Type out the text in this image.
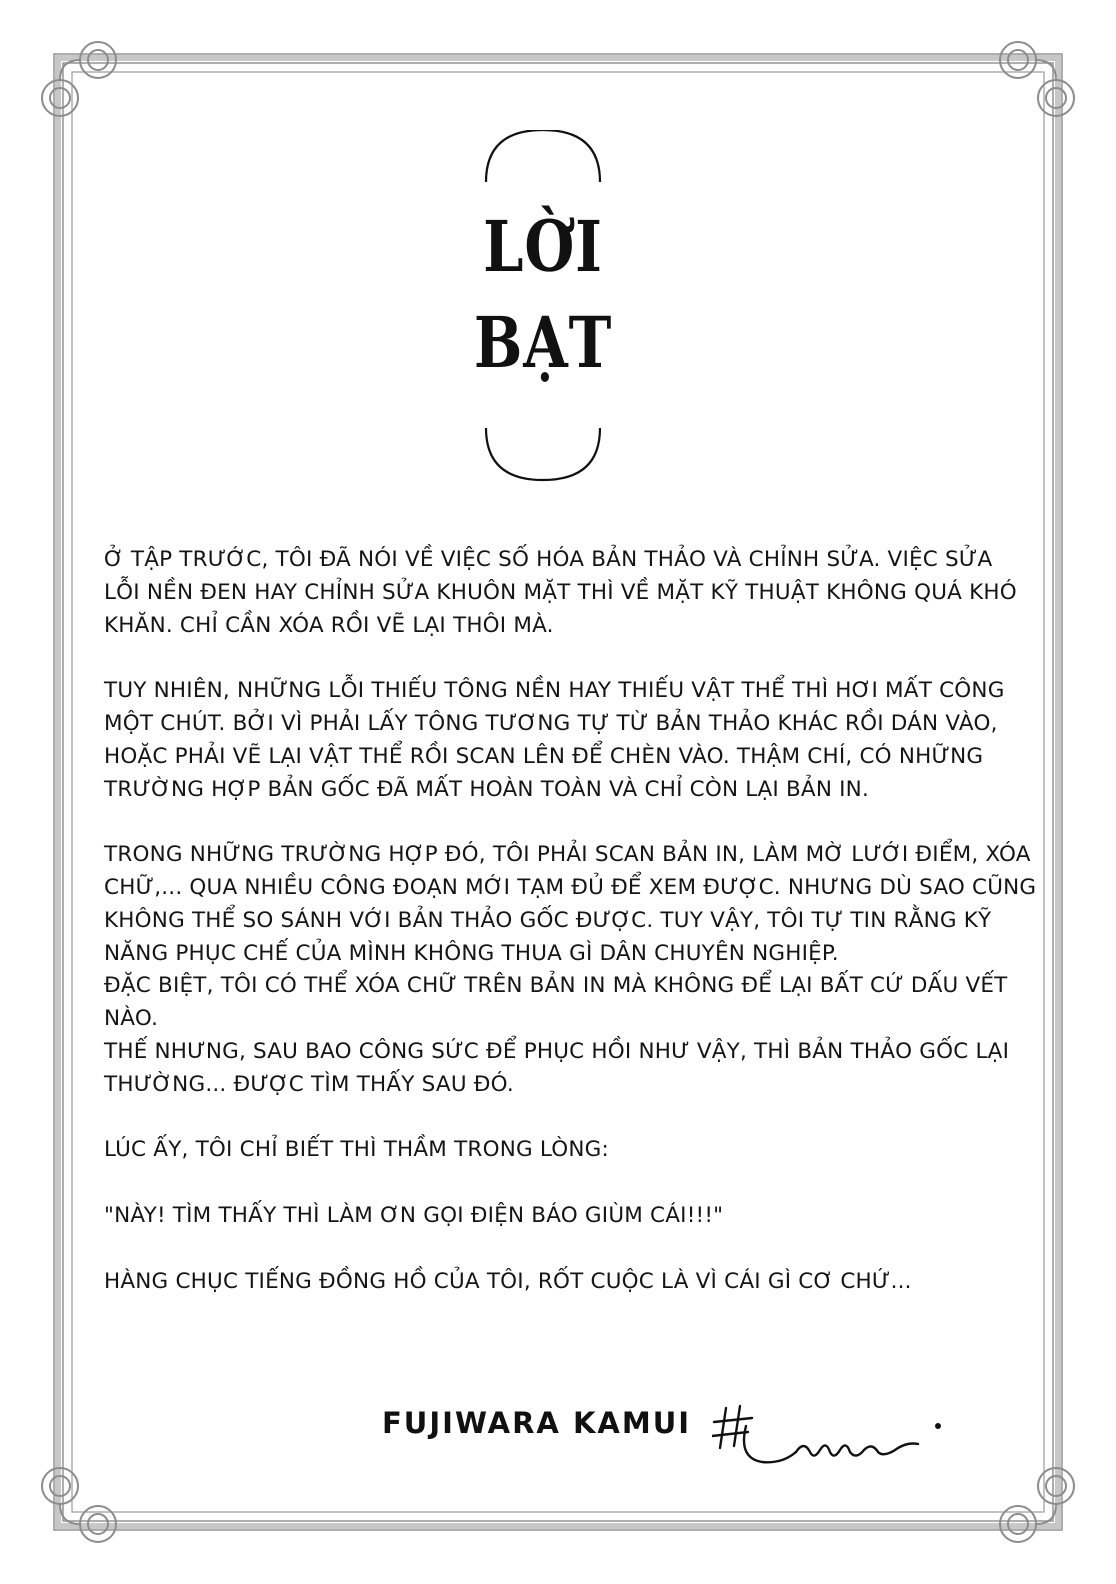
LỜI
BẠT

Ở TẬP TRƯỚC, TÔI ĐÃ NÓI VỀ VIỆC SỐ HÓA BẢN THẢO VÀ CHỈNH SỬA. VIỆC SỬA
LỖI NỀN ĐEN HAY CHỈNH SỬA KHUÔN MẶT THÌ VỀ MẶT KỸ THUẬT KHÔNG QUÁ KHÓ
KHĂN. CHỈ CẦN XÓA RỒI VẼ LẠI THÔI MÀ.

TUY NHIÊN, NHỮNG LỖI THIẾU TÔNG NỀN HAY THIẾU VẬT THỂ THÌ HƠI MẤT CÔNG
MỘT CHÚT. BỞI VÌ PHẢI LẤY TÔNG TƯƠNG TỰ TỪ BẢN THẢO KHÁC RỒI DÁN VÀO,
HOẶC PHẢI VẼ LẠI VẬT THỂ RỒI SCAN LÊN ĐỂ CHÈN VÀO. THẬM CHÍ, CÓ NHỮNG
TRƯỜNG HỢP BẢN GỐC ĐÃ MẤT HOÀN TOÀN VÀ CHỈ CÒN LẠI BẢN IN.

TRONG NHỮNG TRƯỜNG HỢP ĐÓ, TÔI PHẢI SCAN BẢN IN, LÀM MỜ LƯỚI ĐIỂM, XÓA
CHỮ,... QUA NHIỀU CÔNG ĐOẠN MỚI TẠM ĐỦ ĐỂ XEM ĐƯỢC. NHƯNG DÙ SAO CŨNG
KHÔNG THỂ SO SÁNH VỚI BẢN THẢO GỐC ĐƯỢC. TUY VẬY, TÔI TỰ TIN RẰNG KỸ
NĂNG PHỤC CHẾ CỦA MÌNH KHÔNG THUA GÌ DÂN CHUYÊN NGHIỆP.
ĐẶC BIỆT, TÔI CÓ THỂ XÓA CHỮ TRÊN BẢN IN MÀ KHÔNG ĐỂ LẠI BẤT CỨ DẤU VẾT
NÀO.
THẾ NHƯNG, SAU BAO CÔNG SỨC ĐỂ PHỤC HỒI NHƯ VẬY, THÌ BẢN THẢO GỐC LẠI
THƯỜNG... ĐƯỢC TÌM THẤY SAU ĐÓ.

LÚC ẤY, TÔI CHỈ BIẾT THÌ THẦM TRONG LÒNG:

"NÀY! TÌM THẤY THÌ LÀM ƠN GỌI ĐIỆN BÁO GIÙM CÁI!!!"

HÀNG CHỤC TIẾNG ĐỒNG HỒ CỦA TÔI, RỐT CUỘC LÀ VÌ CÁI GÌ CƠ CHỨ...

FUJIWARA KAMUI
